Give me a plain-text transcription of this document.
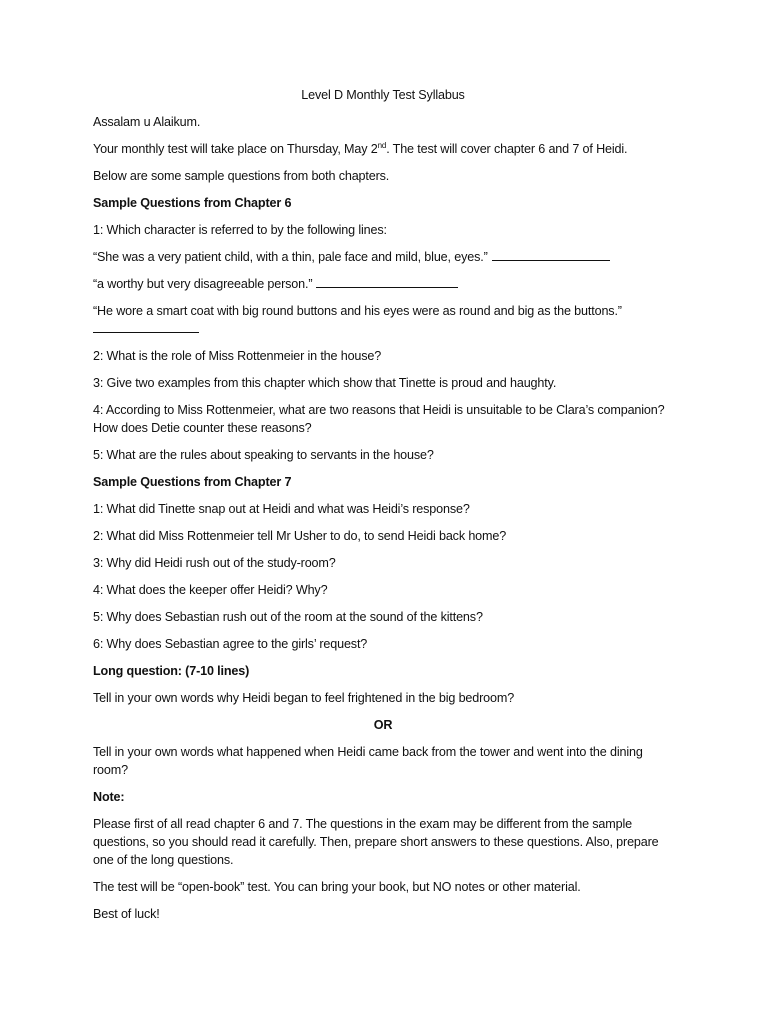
Level D Monthly Test Syllabus

Assalam u Alaikum.

Your monthly test will take place on Thursday, May 2nd. The test will cover chapter 6 and 7 of Heidi.

Below are some sample questions from both chapters.

Sample Questions from Chapter 6

1: Which character is referred to by the following lines:

“She was a very patient child, with a thin, pale face and mild, blue, eyes.”

“a worthy but very disagreeable person.”

“He wore a smart coat with big round buttons and his eyes were as round and big as the buttons.”

2: What is the role of Miss Rottenmeier in the house?

3: Give two examples from this chapter which show that Tinette is proud and haughty.

4: According to Miss Rottenmeier, what are two reasons that Heidi is unsuitable to be Clara’s companion? How does Detie counter these reasons?

5: What are the rules about speaking to servants in the house?

Sample Questions from Chapter 7

1: What did Tinette snap out at Heidi and what was Heidi’s response?

2: What did Miss Rottenmeier tell Mr Usher to do, to send Heidi back home?

3: Why did Heidi rush out of the study-room?

4: What does the keeper offer Heidi? Why?

5: Why does Sebastian rush out of the room at the sound of the kittens?

6: Why does Sebastian agree to the girls’ request?

Long question: (7-10 lines)

Tell in your own words why Heidi began to feel frightened in the big bedroom?

OR

Tell in your own words what happened when Heidi came back from the tower and went into the dining room?

Note:

Please first of all read chapter 6 and 7. The questions in the exam may be different from the sample questions, so you should read it carefully. Then, prepare short answers to these questions. Also, prepare one of the long questions.

The test will be “open-book” test. You can bring your book, but NO notes or other material.

Best of luck!
